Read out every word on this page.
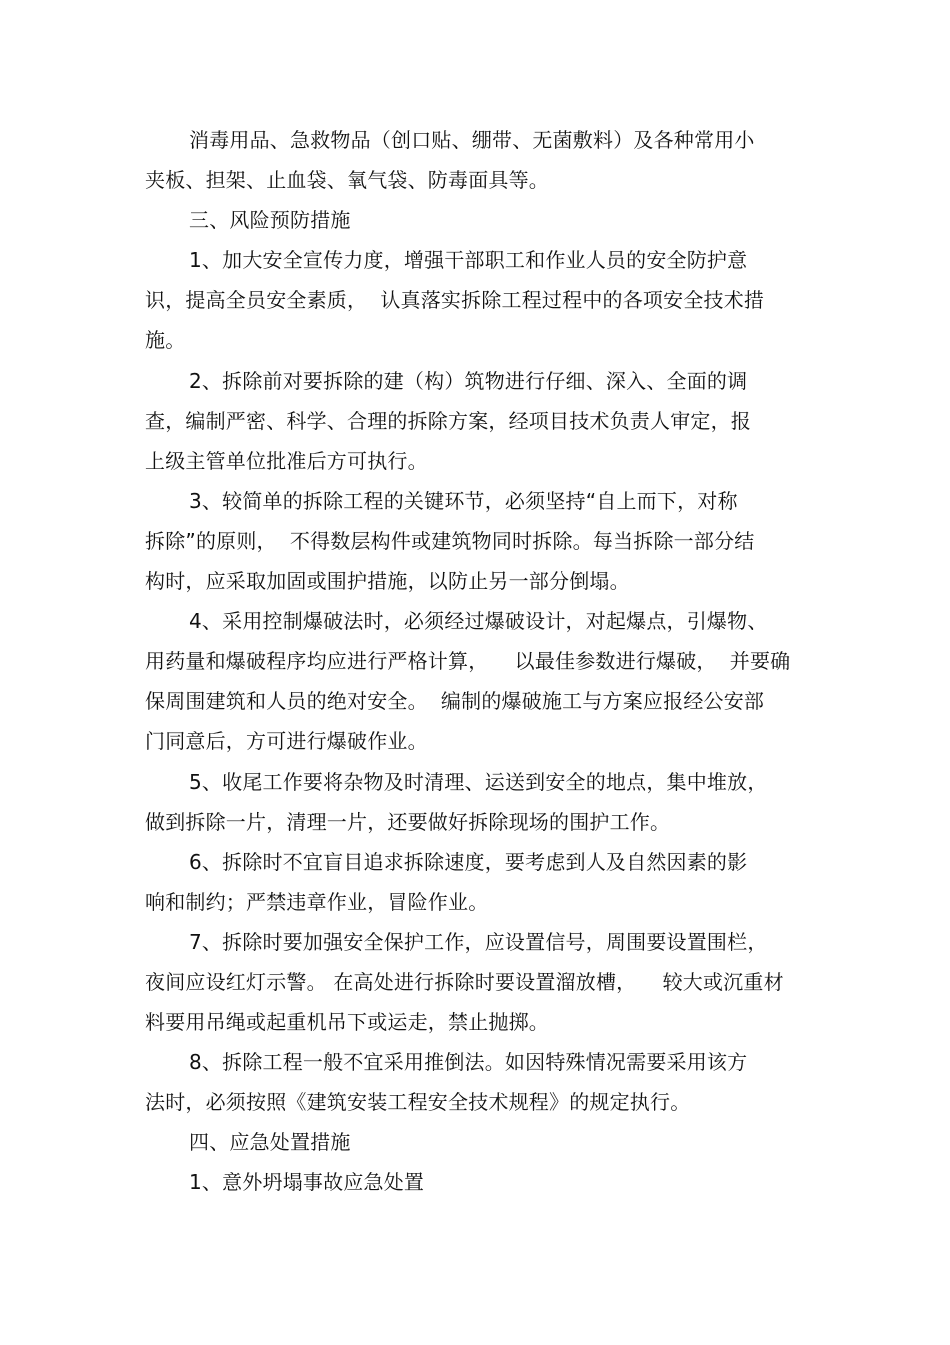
消毒用品、急救物品（创口贴、绷带、无菌敷料）及各种常用小
夹板、担架、止血袋、氧气袋、防毒面具等。
三、风险预防措施
1、加大安全宣传力度，增强干部职工和作业人员的安全防护意
识，提高全员安全素质，  认真落实拆除工程过程中的各项安全技术措
施。
2、拆除前对要拆除的建（构）筑物进行仔细、深入、全面的调
查，编制严密、科学、合理的拆除方案，经项目技术负责人审定，报
上级主管单位批准后方可执行。
3、较简单的拆除工程的关键环节，必须坚持“自上而下，对称
拆除”的原则，  不得数层构件或建筑物同时拆除。每当拆除一部分结
构时，应采取加固或围护措施，以防止另一部分倒塌。
4、采用控制爆破法时，必须经过爆破设计，对起爆点，引爆物、
用药量和爆破程序均应进行严格计算，    以最佳参数进行爆破，  并要确
保周围建筑和人员的绝对安全。  编制的爆破施工与方案应报经公安部
门同意后，方可进行爆破作业。
5、收尾工作要将杂物及时清理、运送到安全的地点，集中堆放，
做到拆除一片，清理一片，还要做好拆除现场的围护工作。
6、拆除时不宜盲目追求拆除速度，要考虑到人及自然因素的影
响和制约；严禁违章作业，冒险作业。
7、拆除时要加强安全保护工作，应设置信号，周围要设置围栏，
夜间应设红灯示警。 在高处进行拆除时要设置溜放槽，    较大或沉重材
料要用吊绳或起重机吊下或运走，禁止抛掷。
8、拆除工程一般不宜采用推倒法。如因特殊情况需要采用该方
法时，必须按照《建筑安装工程安全技术规程》的规定执行。
四、应急处置措施
1、意外坍塌事故应急处置
